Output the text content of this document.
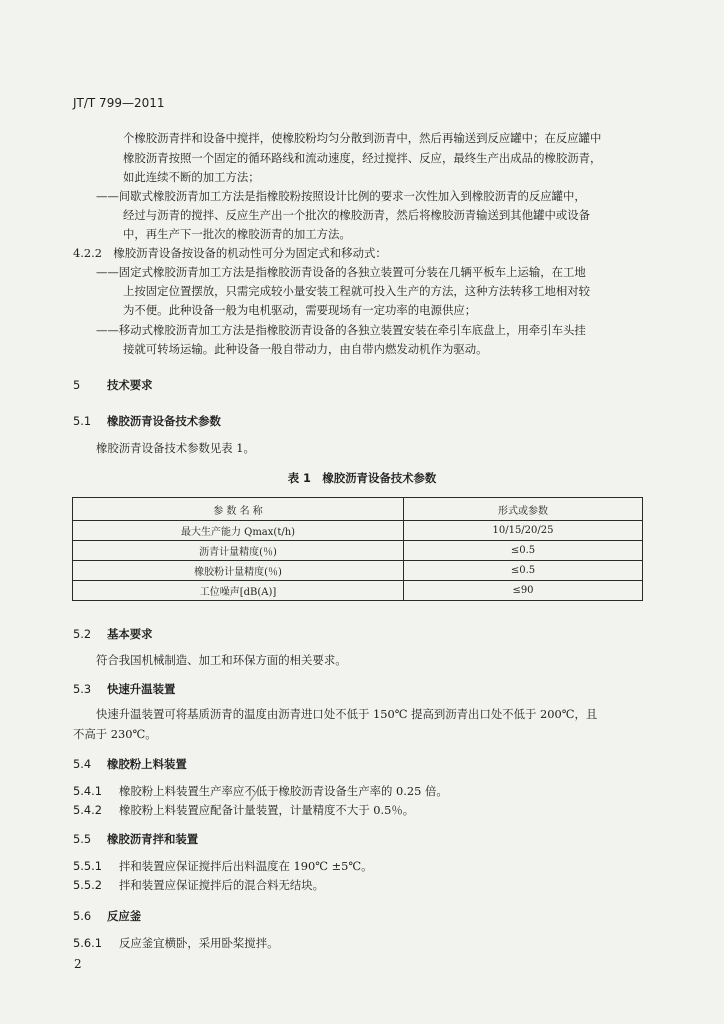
JT/T 799—2011
个橡胶沥青拌和设备中搅拌，使橡胶粉均匀分散到沥青中，然后再输送到反应罐中；在反应罐中
橡胶沥青按照一个固定的循环路线和流动速度，经过搅拌、反应，最终生产出成品的橡胶沥青，
如此连续不断的加工方法；
——间歇式橡胶沥青加工方法是指橡胶粉按照设计比例的要求一次性加入到橡胶沥青的反应罐中，
经过与沥青的搅拌、反应生产出一个批次的橡胶沥青，然后将橡胶沥青输送到其他罐中或设备
中，再生产下一批次的橡胶沥青的加工方法。
4.2.2　橡胶沥青设备按设备的机动性可分为固定式和移动式：
——固定式橡胶沥青加工方法是指橡胶沥青设备的各独立装置可分装在几辆平板车上运输，在工地
上按固定位置摆放，只需完成较小量安装工程就可投入生产的方法，这种方法转移工地相对较
为不便。此种设备一般为电机驱动，需要现场有一定功率的电源供应；
——移动式橡胶沥青加工方法是指橡胶沥青设备的各独立装置安装在牵引车底盘上，用牵引车头挂
接就可转场运输。此种设备一般自带动力，由自带内燃发动机作为驱动。
5 技术要求
5.1 橡胶沥青设备技术参数
橡胶沥青设备技术参数见表 1。
表 1　橡胶沥青设备技术参数
参 数 名 称	形式或参数
最大生产能力 Qmax(t/h)	10/15/20/25
沥青计量精度(％)	≤0.5
橡胶粉计量精度(％)	≤0.5
工位噪声[dB(A)]	≤90
5.2 基本要求
符合我国机械制造、加工和环保方面的相关要求。
5.3 快速升温装置
快速升温装置可将基质沥青的温度由沥青进口处不低于 150℃ 提高到沥青出口处不低于 200℃，且
不高于 230℃。
5.4 橡胶粉上料装置
5.4.1 橡胶粉上料装置生产率应不低于橡胶沥青设备生产率的 0.25 倍。
5.4.2 橡胶粉上料装置应配备计量装置，计量精度不大于 0.5％。
5.5 橡胶沥青拌和装置
5.5.1 拌和装置应保证搅拌后出料温度在 190℃ ±5℃。
5.5.2 拌和装置应保证搅拌后的混合料无结块。
5.6 反应釜
5.6.1 反应釜宜横卧，采用卧桨搅拌。
2
